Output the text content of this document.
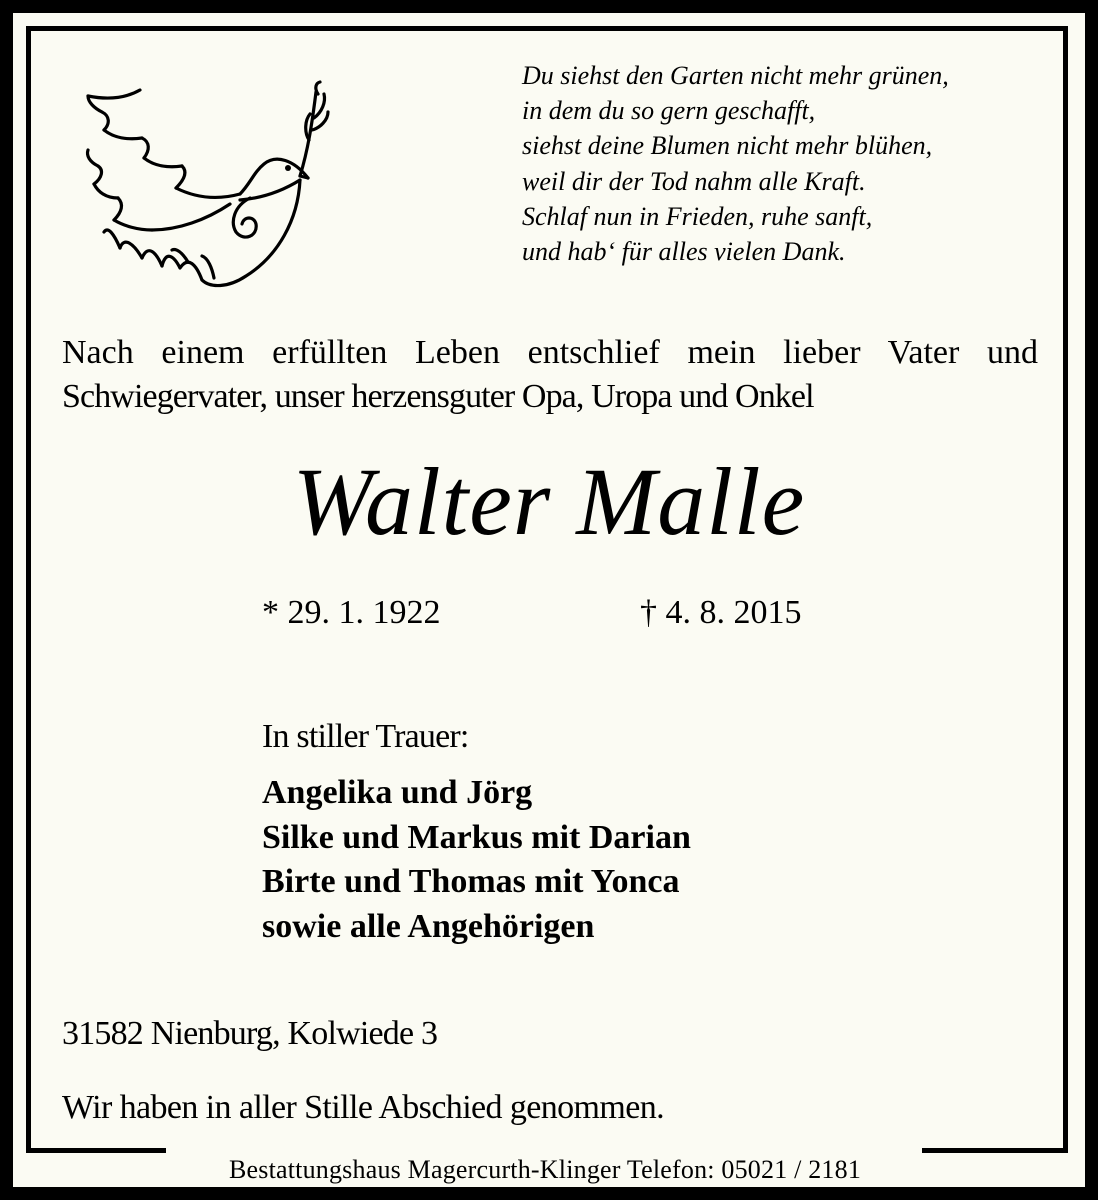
Du siehst den Garten nicht mehr grünen,
in dem du so gern geschafft,
siehst deine Blumen nicht mehr blühen,
weil dir der Tod nahm alle Kraft.
Schlaf nun in Frieden, ruhe sanft,
und hab‘ für alles vielen Dank.
Nach einem erfüllten Leben entschlief mein lieber Vater und
Schwiegervater, unser herzensguter Opa, Uropa und Onkel
Walter Malle
* 29. 1. 1922	† 4. 8. 2015
In stiller Trauer:
Angelika und Jörg
Silke und Markus mit Darian
Birte und Thomas mit Yonca
sowie alle Angehörigen
31582 Nienburg, Kolwiede 3
Wir haben in aller Stille Abschied genommen.
Bestattungshaus Magercurth-Klinger Telefon: 05021 / 2181
